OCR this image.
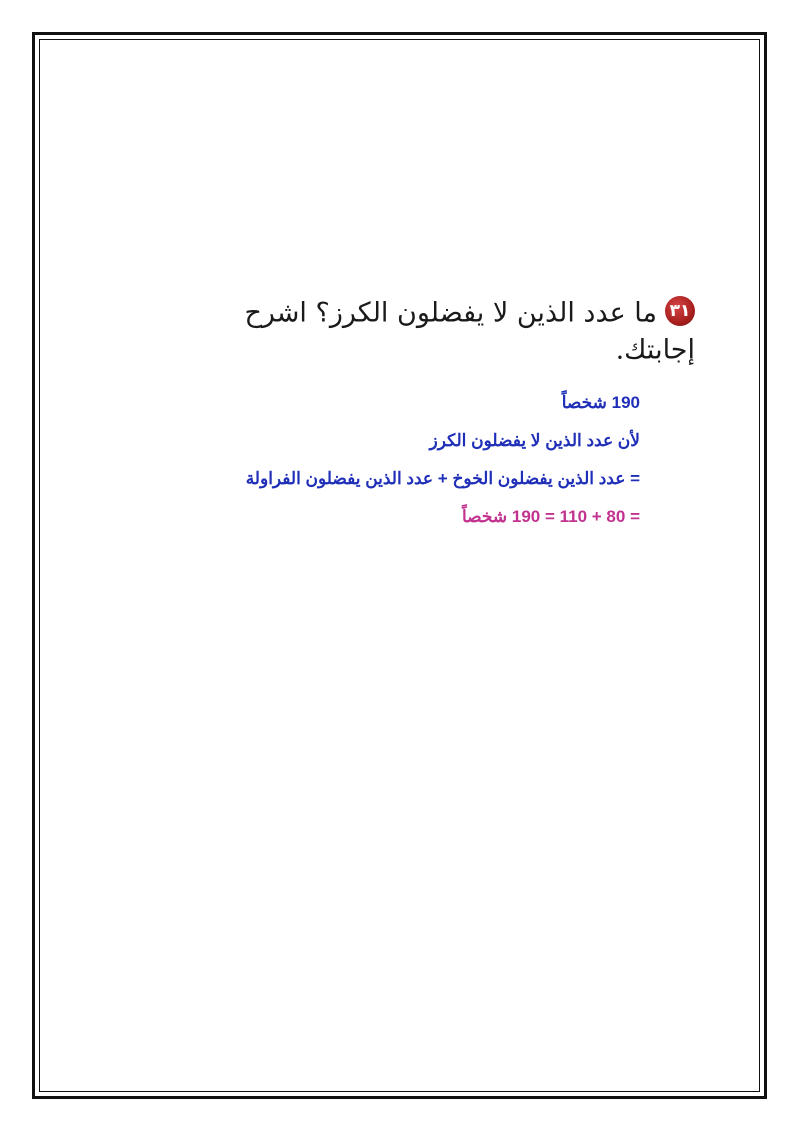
٣١ما عدد الذين لا يفضلون الكرز؟ اشرح إجابتك.
190 شخصاً
لأن عدد الذين لا يفضلون الكرز
= عدد الذين يفضلون الخوخ + عدد الذين يفضلون الفراولة
= 80 + 110 = 190 شخصاً
